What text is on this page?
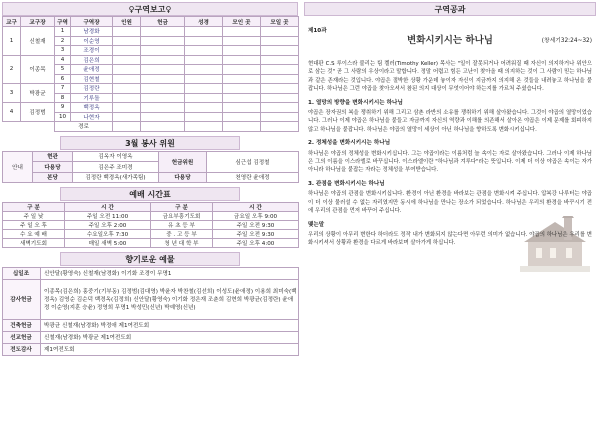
♀구역보고♀
교구	교구장	구역	구역장	인원	헌금	성경	모인 곳	모일 곳
1	신철재	1	남경화					
		2	이순영					
		3	조경이					
2	이종목	4	김은희					
		5	윤애정					
		6	김현철					
3	박광균	7	김정란					
		8	기루돌					
4	김정범	9	백정옥					
		10	나현자					
		경로						
3월 봉사 위원
안내	현관	김옥자 이영옥	헌금위원	심근섭 김정철
	다용당	김은주 조미경		
	본당	김정란 백경옥(새가족팀)	다용당	천영란 윤애정
예배 시간표
구 분	시 간	구 분	시 간
주 일 낮	주일 오전 11:00	금요부흥기도회	금요일 오후 9:00
주 일 오 후	주일 오후 2:00	유 초 등 부	주일 오전 9:30
수 요 예 배	수요일오후 7:30	중 . 고 등 부	주일 오전 9:30
새벽기도회	매일 새벽 5:00	청 년 대 학 부	주일 오후 4:00
향기로운 예물
십일조	신안달(황영숙) 신철재(남경화) 이기화 조경이 무명1
감사헌금	이종목(김은희) 홍중기(기부동) 김정범(김대영) 박윤자 박찬철(김선희) 이성도(윤애정) 이용희 최미숙(백정옥) 김영순 김순덕 백경옥(김정희) 신안달(황영숙) 이기화 정은재 조춘희 김현희 박광균(김정란) 윤애정 이순영(지훈 승윤) 정영희 무명1 박성민(신년) 박예영(신년)
건축헌금	박광균 신철재(남경화) 박정애 제1여전도회
선교헌금	신철재(남경화) 박광균 제1여전도회
전도감사	제1여전도회
구역공과
제10과
변화시키시는 하나님	(창세기32:24~32)

현대판 C.S 루이스라 불리는 팀 켈러(Timothy Keller) 목사는 "일이 잘못되거나 어려워질 때 자신이 의지하거나 위안으로 삼는 것" 곧 그 사람의 우상이라고 말합니다. 정말 어렵고 힘든 고난이 찾아올 때 의지하는 것이 그 사람이 믿는 하나님과 같은 존재라는 것입니다. 야곱은 절박한 상황 가운데 놓이자 자신이 지금까지 의지해 온 것들을 내려놓고 하나님을 붙잡니다. 하나님은 그런 야곱을 찾아오셔서 참된 의지 대상이 무엇이어야 하는지를 가르쳐 주셨습니다.

1. 열망의 방향을 변화시키시는 하나님

야곱은 장자권의 복을 쟁취하기 위해 그리고 삼촌 라반의 소유를 쟁취하기 위해 살아왔습니다. 그것이 야곱의 열망이었습니다. 그러나 이제 야곱은 하나님을 붙들고 자금까지 자신의 역량과 이해를 의존해서 살아온 야곱은 이제 문제를 회피하지 않고 하나님을 붙잡니다. 하나님은 야곱의 열망이 세상이 아닌 하나님을 향하도록 변화시키십니다.

2. 정체성을 변화시키시는 하나님

하나님은 야곱의 정체성을 변화시키십니다. 그는 야곱이라는 이름처럼 늘 속이는 자로 살아왔습니다. 그러나 이제 하나님은 그의 이름을 이스라엘로 바꾸십니다. 이스라엘이란 "하나님과 겨루다"라는 뜻입니다. 이제 더 이상 야곱은 속이는 자가 아니라 하나님을 붙잡는 자라는 정체성을 부여받습니다.

3. 관점을 변화시키시는 하나님

하나님은 야곱의 관점을 변화시키십니다. 환경이 아닌 환경을 바라보는 관점을 변화시켜 주십니다. 압복강 나루터는 야곱이 더 이상 물러설 수 없는 자리였지만 동시에 하나님을 만나는 장소가 되었습니다. 하나님은 우리의 환경을 바꾸시기 전에 우리의 관점을 먼저 바꾸어 주십니다.

맺는말

우리의 상황이 아무리 변한다 하더라도 정작 내가 변화되지 않는다면 아무런 의미가 없습니다. 야곱의 하나님은 우리를 변화시키셔서 상황과 환경을 다르게 바라보며 살아가게 하십니다.
